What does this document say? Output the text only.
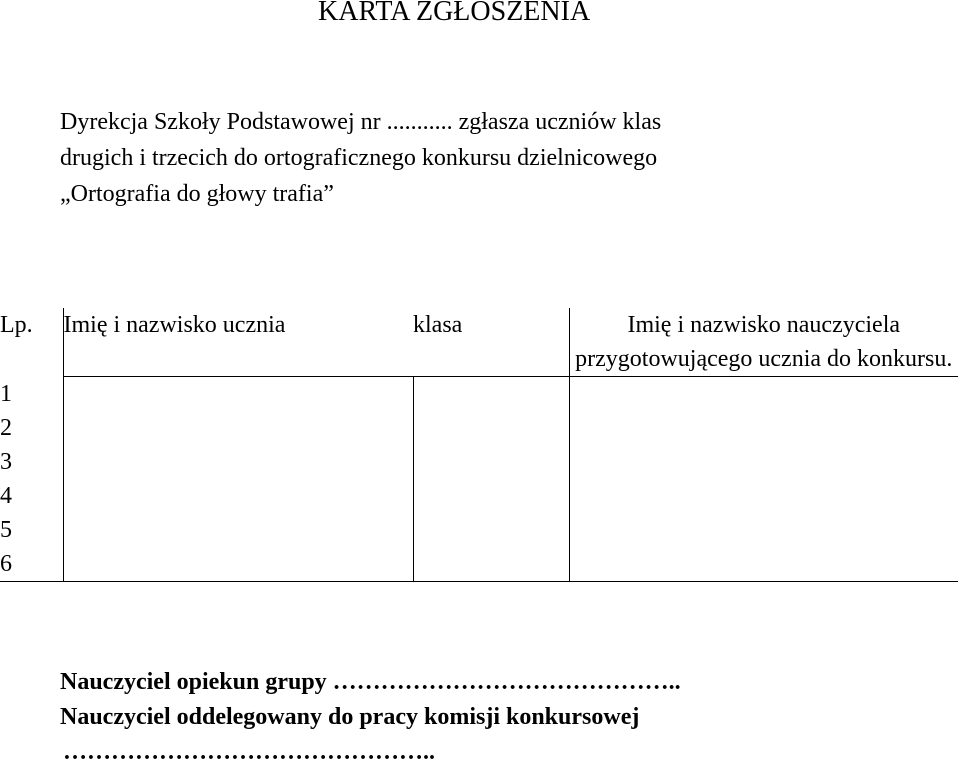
KARTA ZGŁOSZENIA
Dyrekcja Szkoły Podstawowej nr ........... zgłasza uczniów klas
drugich i trzecich do ortograficznego konkursu dzielnicowego
„Ortografia do głowy trafia”
Lp.	Imię i nazwisko ucznia	klasa	Imię i nazwisko nauczyciela przygotowującego ucznia do konkursu.
1			
2			
3			
4			
5			
6			
Nauczyciel opiekun grupy ……………………………………..
Nauczyciel oddelegowany do pracy komisji konkursowej
………………………………………..
